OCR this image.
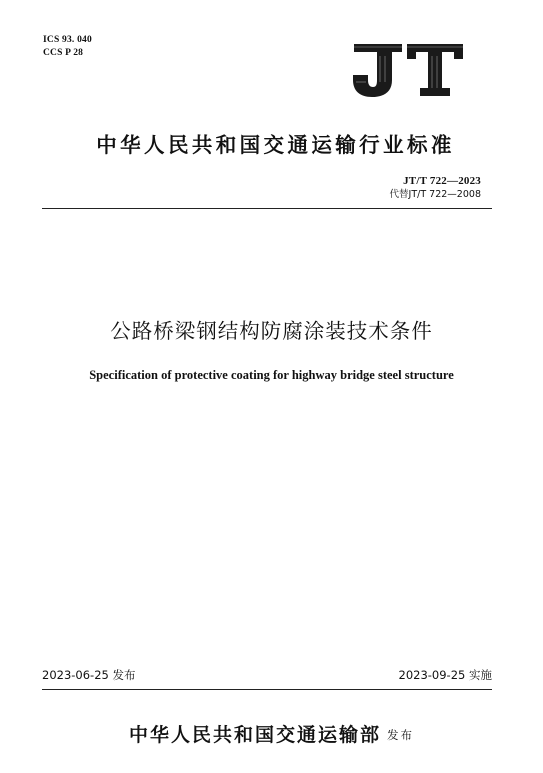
ICS 93. 040
CCS P 28
中华人民共和国交通运输行业标准
JT/T 722—2023
代替JT/T 722—2008
公路桥梁钢结构防腐涂装技术条件
Specification of protective coating for highway bridge steel structure
2023-06-25 发布	2023-09-25 实施
中华人民共和国交通运输部 发布
